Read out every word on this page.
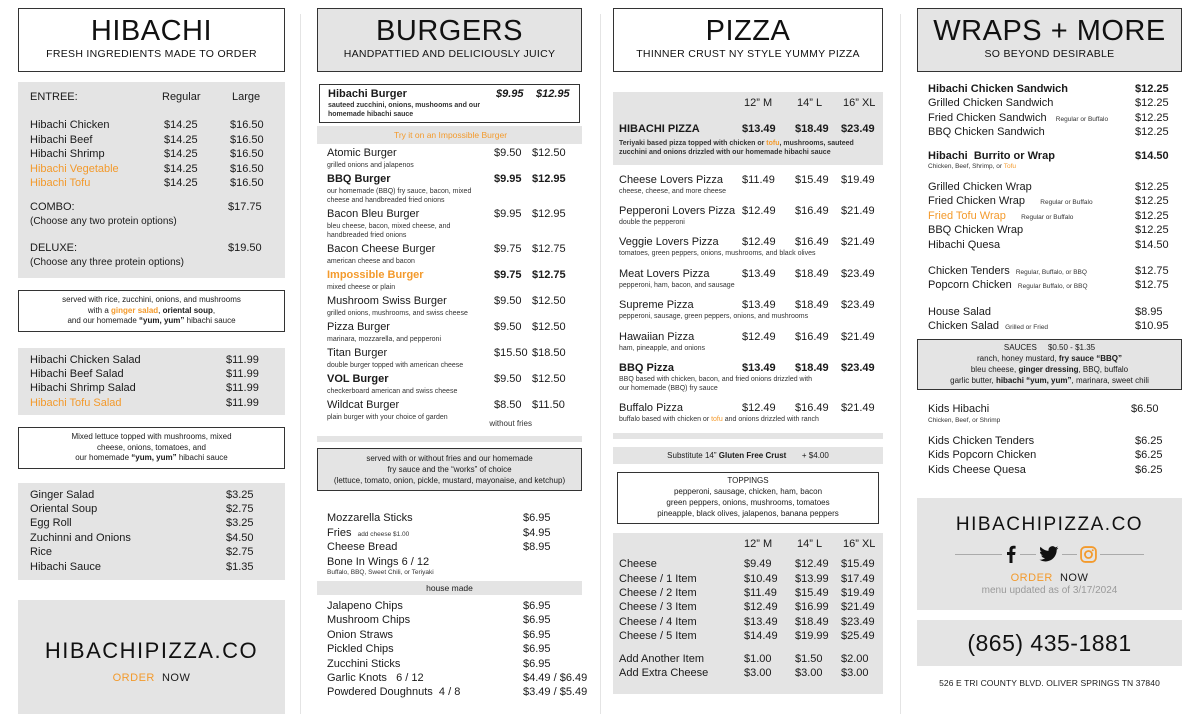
HIBACHI
FRESH INGREDIENTS MADE TO ORDER
ENTREE:	Regular	Large
Hibachi Chicken	$14.25	$16.50
Hibachi Beef	$14.25	$16.50
Hibachi Shrimp	$14.25	$16.50
Hibachi Vegetable	$14.25	$16.50
Hibachi Tofu	$14.25	$16.50
COMBO:	$17.75
(Choose any two protein options)
DELUXE:	$19.50
(Choose any three protein options)
served with rice, zucchini, onions, and mushrooms
with a ginger salad, oriental soup,
and our homemade “yum, yum” hibachi sauce
Hibachi Chicken Salad	$11.99
Hibachi Beef Salad	$11.99
Hibachi Shrimp Salad	$11.99
Hibachi Tofu Salad	$11.99
Mixed lettuce topped with mushrooms, mixed
cheese, onions, tomatoes, and
our homemade “yum, yum” hibachi sauce
Ginger Salad	$3.25
Oriental Soup	$2.75
Egg Roll	$3.25
Zuchinni and Onions	$4.50
Rice	$2.75
Hibachi Sauce	$1.35
HIBACHIPIZZA.CO
ORDER NOW
BURGERS
HANDPATTIED AND DELICIOUSLY JUICY
Hibachi Burger	$9.95 $12.95
sauteed zucchini, onions, mushooms and our homemade hibachi sauce
Try it on an Impossible Burger
Atomic Burger	$9.50 $12.50
grilled onions and jalapenos
BBQ Burger	$9.95 $12.95
our homemade (BBQ) fry sauce, bacon, mixed cheese and handbreaded fried onions
Bacon Bleu Burger	$9.95 $12.95
bleu cheese, bacon, mixed cheese, and handbreaded fried onions
Bacon Cheese Burger	$9.75 $12.75
american cheese and bacon
Impossible Burger	$9.75 $12.75
mixed cheese or plain
Mushroom Swiss Burger	$9.50 $12.50
grilled onions, mushrooms, and swiss cheese
Pizza Burger	$9.50 $12.50
marinara, mozzarella, and pepperoni
Titan Burger	$15.50 $18.50
double burger topped with american cheese
VOL Burger	$9.50 $12.50
checkerboard american and swiss cheese
Wildcat Burger	$8.50 $11.50
plain burger with your choice of garden
without fries
served with or without fries and our homemade
fry sauce and the “works” of choice
(lettuce, tomato, onion, pickle, mustard, mayonaise, and ketchup)
Mozzarella Sticks	$6.95
Fries add cheese $1.00	$4.95
Cheese Bread	$8.95
Bone In Wings 6 / 12
Buffalo, BBQ, Sweet Chili, or Teriyaki
house made
Jalapeno Chips	$6.95
Mushroom Chips	$6.95
Onion Straws	$6.95
Pickled Chips	$6.95
Zucchini Sticks	$6.95
Garlic Knots   6 / 12	$4.49 / $6.49
Powdered Doughnuts  4 / 8	$3.49 / $5.49
PIZZA
THINNER CRUST NY STYLE YUMMY PIZZA
12” M 14” L 16” XL
HIBACHI PIZZA	$13.49 $18.49 $23.49
Teriyaki based pizza topped with chicken or tofu, mushrooms, sauteed zucchini and onions drizzled with our homemade hibachi sauce
Cheese Lovers Pizza $11.49 $15.49 $19.49
cheese, cheese, and more cheese
Pepperoni Lovers Pizza $12.49 $16.49 $21.49
double the pepperoni
Veggie Lovers Pizza $12.49 $16.49 $21.49
tomatoes, green peppers, onions, mushrooms, and black olives
Meat Lovers Pizza	$13.49 $18.49 $23.49
pepperoni, ham, bacon, and sausage
Supreme Pizza	$13.49 $18.49 $23.49
pepperoni, sausage, green peppers, onions, and mushrooms
Hawaiian Pizza	$12.49 $16.49 $21.49
ham, pineapple, and onions
BBQ Pizza	$13.49 $18.49 $23.49
BBQ based with chicken, bacon, and fried onions drizzled with our homemade (BBQ) fry sauce
Buffalo Pizza	$12.49 $16.49 $21.49
buffalo based with chicken or tofu and onions drizzled with ranch
Substitute 14” Gluten Free Crust + $4.00
TOPPINGS
pepperoni, sausage, chicken, ham, bacon
green peppers, onions, mushrooms, tomatoes
pineapple, black olives, jalapenos, banana peppers
12” M 14” L 16” XL
Cheese	$9.49 $12.49 $15.49
Cheese / 1 Item	$10.49 $13.99 $17.49
Cheese / 2 Item	$11.49 $15.49 $19.49
Cheese / 3 Item	$12.49 $16.99 $21.49
Cheese / 4 Item	$13.49 $18.49 $23.49
Cheese / 5 Item	$14.49 $19.99 $25.49
Add Another Item	$1.00 $1.50 $2.00
Add Extra Cheese	$3.00 $3.00 $3.00
WRAPS + MORE
SO BEYOND DESIRABLE
Hibachi Chicken Sandwich	$12.25
Grilled Chicken Sandwich	$12.25
Fried Chicken Sandwich Regular or Buffalo $12.25
BBQ Chicken Sandwich	$12.25
Hibachi  Burrito or Wrap	$14.50
Chicken, Beef, Shrimp, or Tofu
Grilled Chicken Wrap	$12.25
Fried Chicken Wrap Regular or Buffalo	$12.25
Fried Tofu Wrap Regular or Buffalo	$12.25
BBQ Chicken Wrap	$12.25
Hibachi Quesa	$14.50
Chicken Tenders Regular, Buffalo, or BBQ	$12.75
Popcorn Chicken Regular Buffalo, or BBQ	$12.75
House Salad	$8.95
Chicken Salad Grilled or Fried	$10.95
SAUCES $0.50 - $1.35
ranch, honey mustard, fry sauce “BBQ”
bleu cheese, ginger dressing, BBQ, buffalo
garlic butter, hibachi “yum, yum”, marinara, sweet chili
Kids Hibachi	$6.50
Chicken, Beef, or Shrimp
Kids Chicken Tenders	$6.25
Kids Popcorn Chicken	$6.25
Kids Cheese Quesa	$6.25
HIBACHIPIZZA.CO
ORDER NOW
menu updated as of 3/17/2024
(865) 435-1881
526 E TRI COUNTY BLVD. OLIVER SPRINGS TN 37840
